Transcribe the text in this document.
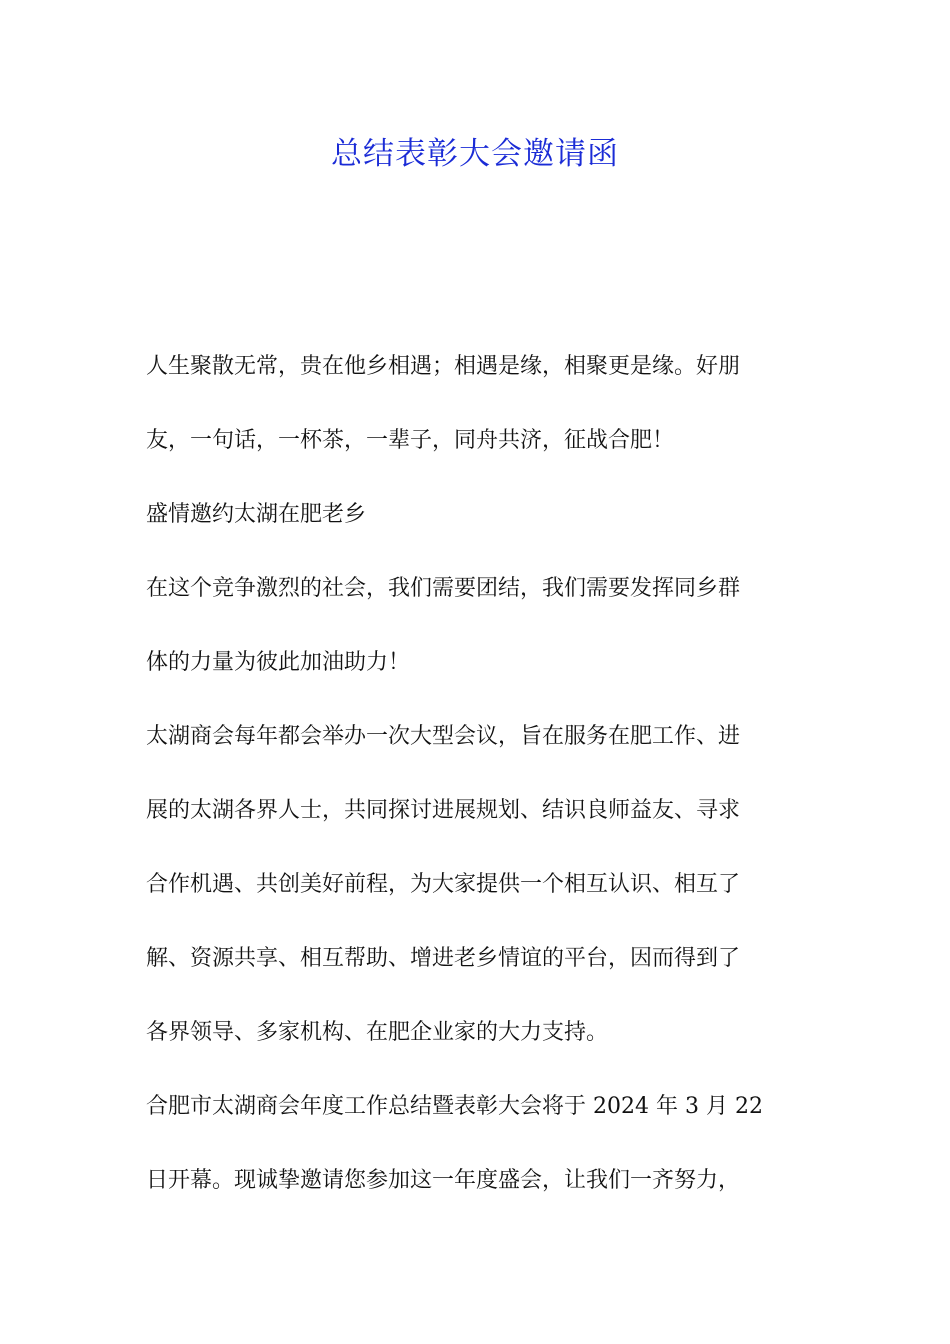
总结表彰大会邀请函

人生聚散无常，贵在他乡相遇；相遇是缘，相聚更是缘。好朋
友，一句话，一杯茶，一辈子，同舟共济，征战合肥！

盛情邀约太湖在肥老乡

在这个竞争激烈的社会，我们需要团结，我们需要发挥同乡群
体的力量为彼此加油助力！

太湖商会每年都会举办一次大型会议，旨在服务在肥工作、进
展的太湖各界人士，共同探讨进展规划、结识良师益友、寻求
合作机遇、共创美好前程，为大家提供一个相互认识、相互了
解、资源共享、相互帮助、增进老乡情谊的平台，因而得到了
各界领导、多家机构、在肥企业家的大力支持。

合肥市太湖商会年度工作总结暨表彰大会将于 2024 年 3 月 22
日开幕。现诚挚邀请您参加这一年度盛会，让我们一齐努力，
